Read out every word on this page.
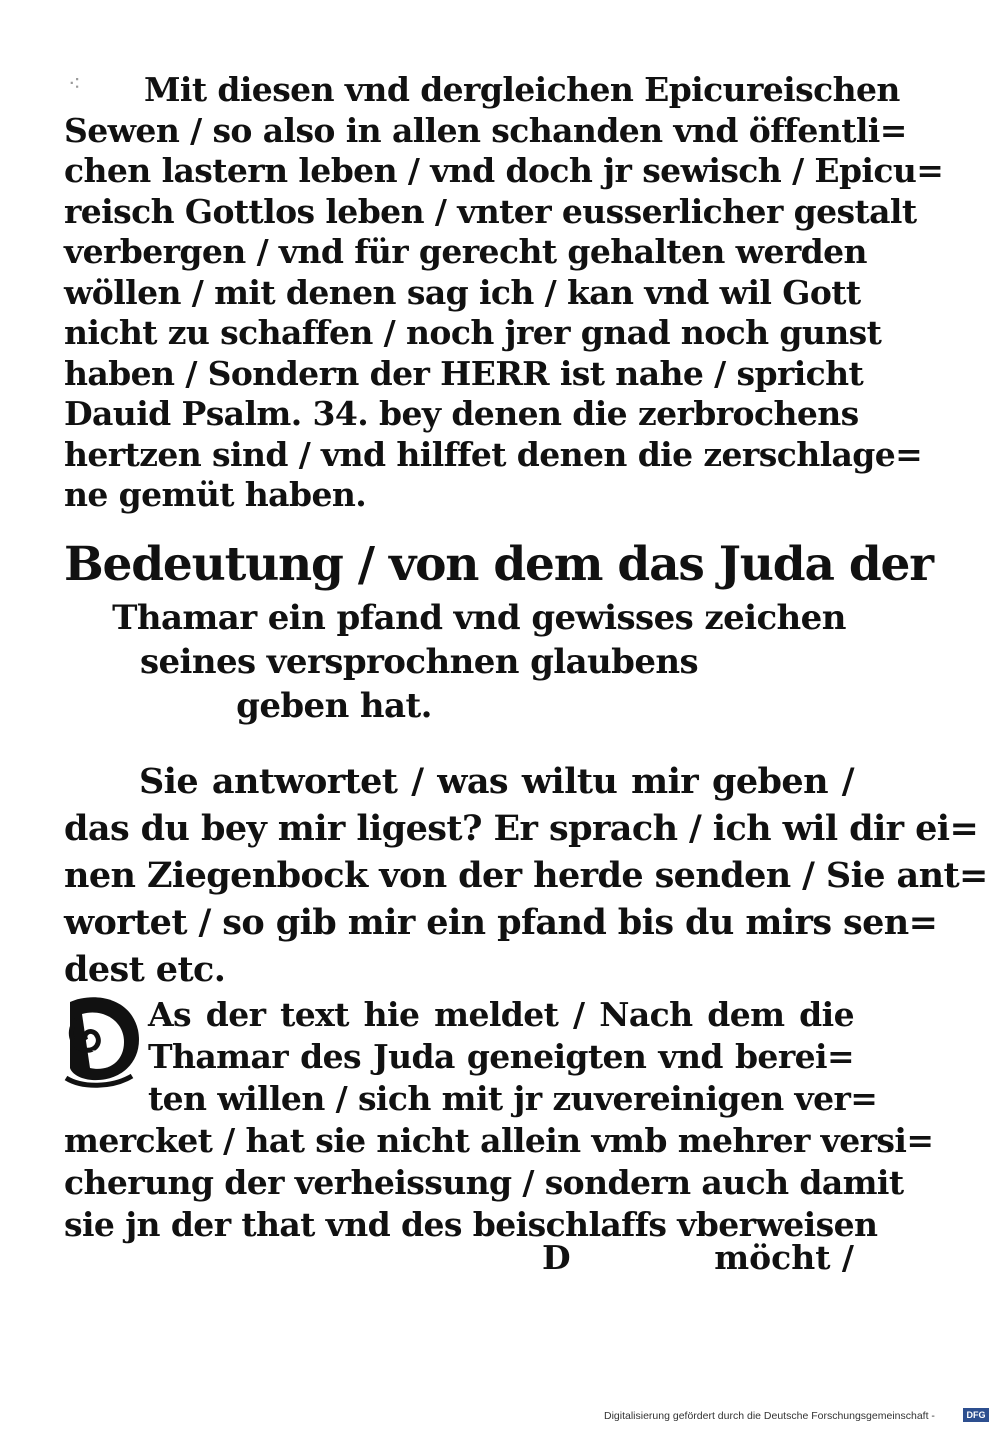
⁖	Mit diesen vnd dergleichen Epicureischen
Sewen / so also in allen schanden vnd öffentli=
chen lastern leben / vnd doch jr sewisch / Epicu=
reisch Gottlos leben / vnter eusserlicher gestalt
verbergen / vnd für gerecht gehalten werden
wöllen / mit denen sag ich / kan vnd wil Gott
nicht zu schaffen / noch jrer gnad noch gunst
haben / Sondern der HERR ist nahe / spricht
Dauid Psalm. 34. bey denen die zerbrochens
hertzen sind / vnd hilffet denen die zerschlage=
ne gemüt haben.
Bedeutung / von dem das Juda der
Thamar ein pfand vnd gewisses zeichen
seines versprochnen glaubens
geben hat.
Sie antwortet / was wiltu mir geben /
das du bey mir ligest? Er sprach / ich wil dir ei=
nen Ziegenbock von der herde senden / Sie ant=
wortet / so gib mir ein pfand bis du mirs sen=
dest etc.
D
As der text hie meldet / Nach dem die
Thamar des Juda geneigten vnd berei=
ten willen / sich mit jr zuvereinigen ver=
mercket / hat sie nicht allein vmb mehrer versi=
cherung der verheissung / sondern auch damit
sie jn der that vnd des beischlaffs vberweisen
D	möcht /
Digitalisierung gefördert durch die Deutsche Forschungsgemeinschaft -	DFG
